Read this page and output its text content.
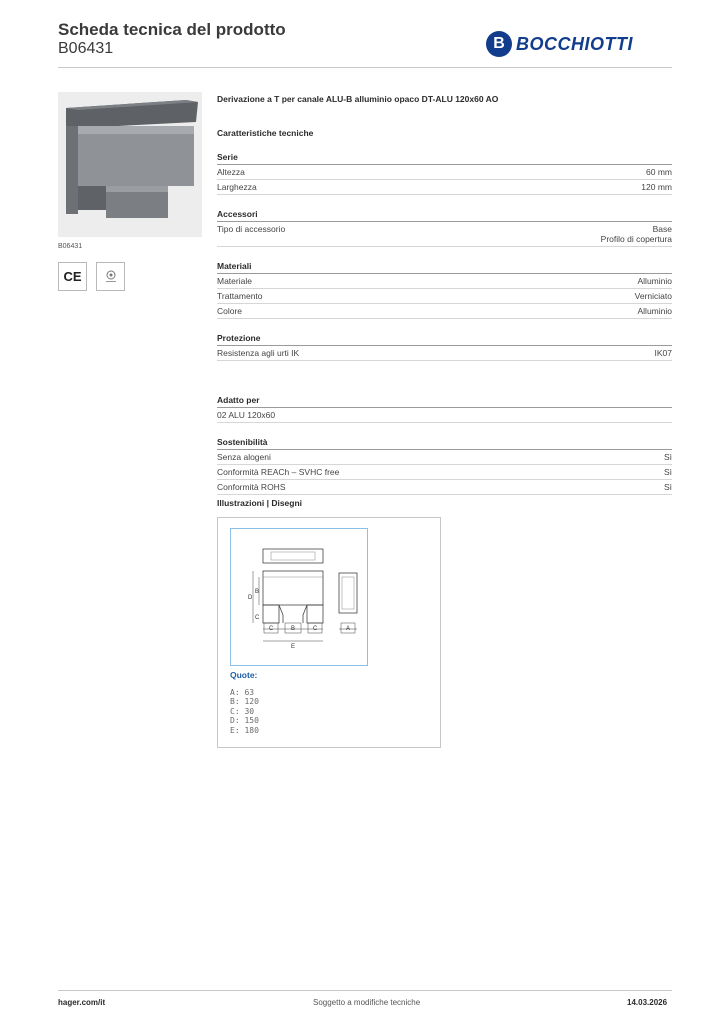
Scheda tecnica del prodotto
B06431	B BOCCHIOTTI
B06431
CE
Derivazione a T per canale ALU-B alluminio opaco DT-ALU 120x60 AO
Caratteristiche tecniche
Serie
Altezza	60 mm
Larghezza	120 mm
Accessori
Tipo di accessorio	Base
Profilo di copertura
Materiali
Materiale	Alluminio
Trattamento	Verniciato
Colore	Alluminio
Protezione
Resistenza agli urti IK	IK07
Adatto per
02 ALU 120x60
Sostenibilità
Senza alogeni	Sì
Conformità REACh – SVHC free	Sì
Conformità ROHS	Sì
Illustrazioni | Disegni
D
B
C	C
B
C
A
E
Quote:
A: 63
B: 120
C: 30
D: 150
E: 180
hager.com/it	Soggetto a modifiche tecniche	14.03.2026
